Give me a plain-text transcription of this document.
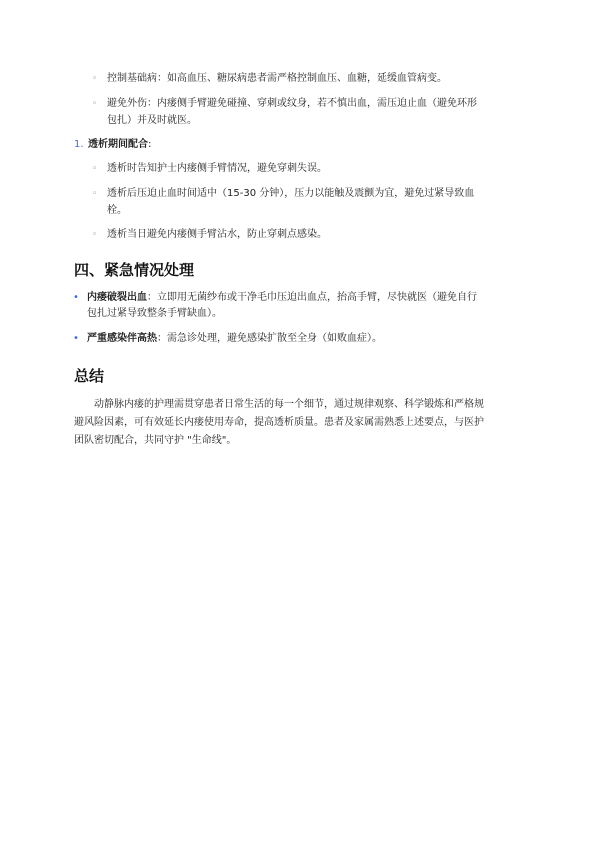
◦ 控制基础病：如高血压、糖尿病患者需严格控制血压、血糖，延缓血管病变。
◦ 避免外伤：内瘘侧手臂避免碰撞、穿刺或纹身，若不慎出血，需压迫止血（避免环形
包扎）并及时就医。
1. 透析期间配合:
◦ 透析时告知护士内瘘侧手臂情况，避免穿刺失误。
◦ 透析后压迫止血时间适中（15-30 分钟），压力以能触及震颤为宜，避免过紧导致血
栓。
◦ 透析当日避免内瘘侧手臂沾水，防止穿刺点感染。
四、紧急情况处理
• 内瘘破裂出血：立即用无菌纱布或干净毛巾压迫出血点，抬高手臂，尽快就医（避免自行
包扎过紧导致整条手臂缺血）。
• 严重感染伴高热：需急诊处理，避免感染扩散至全身（如败血症）。
总结
动静脉内瘘的护理需贯穿患者日常生活的每一个细节，通过规律观察、科学锻炼和严格规
避风险因素，可有效延长内瘘使用寿命，提高透析质量。患者及家属需熟悉上述要点，与医护
团队密切配合，共同守护 "生命线"。
